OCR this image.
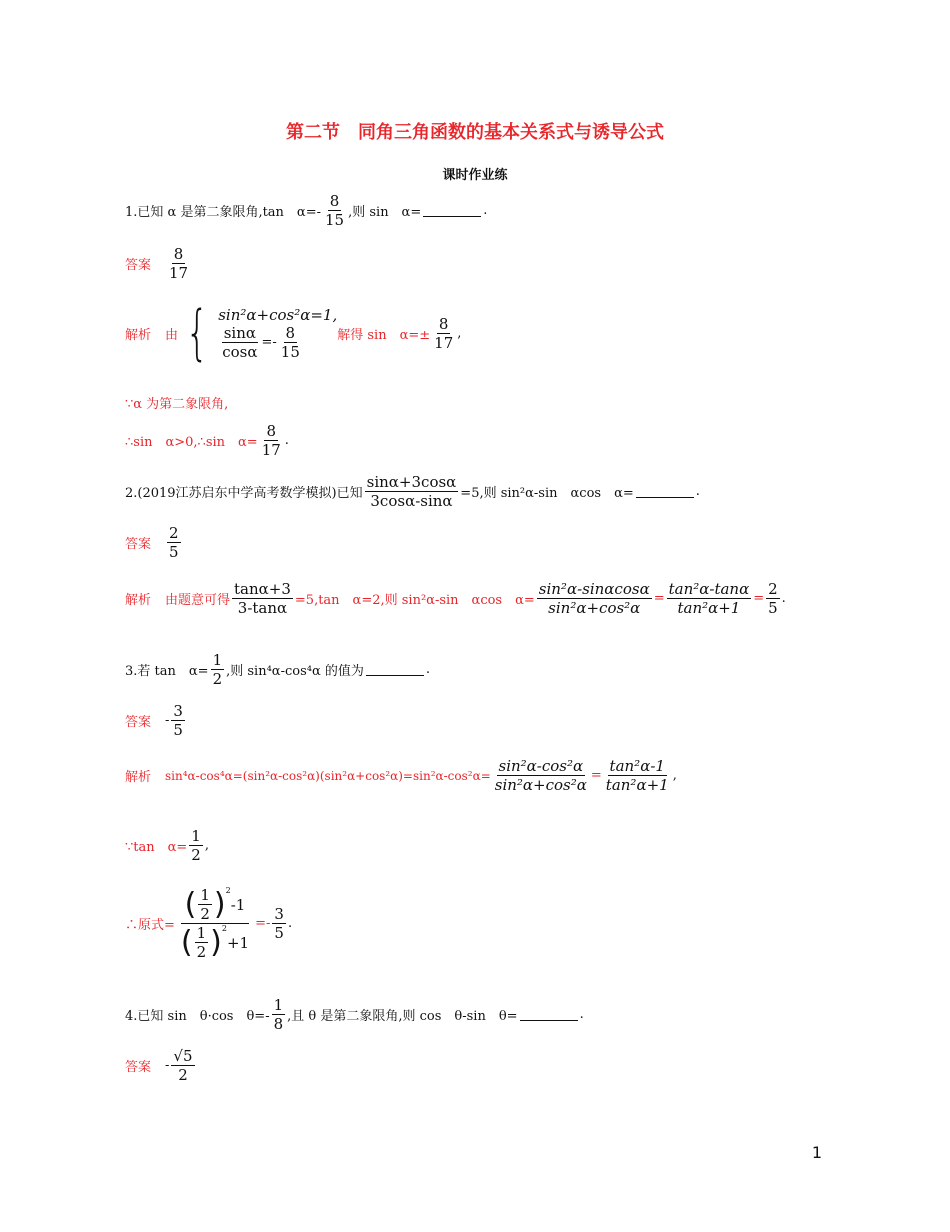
第二节　同角三角函数的基本关系式与诱导公式
课时作业练
1.已知 α 是第二象限角,tan　$\alpha=- \frac{8}{15}$ ,则 sin　α=	.
答案 $\frac{8}{17}$
解析 由 { sin²α+cos²α=1,
$\frac{\sin\alpha}{\cos\alpha} =- \frac{8}{15}$	解得 sin　$\alpha=\pm \frac{8}{17}$ ,
∵α 为第二象限角,
∴sin　α>0,∴sin　$\alpha= \frac{8}{17}$ .
2.(2019江苏启东中学高考数学模拟)已知 $\frac{\sin\alpha+3\cos\alpha}{3\cos\alpha-\sin\alpha} =5$,则 sin²α-sin　αcos　α=	.
答案 $\frac{2}{5}$
解析 由题意可得 $\frac{\tan\alpha+3}{3-\tan\alpha} =5,\tan$　α=2,则 sin²α-sin　αcos　$\alpha= \frac{\text{sin²α-sinαcosα}}{\text{sin²α+cos²α}} = \frac{\text{tan²α-tanα}}{\text{tan²α+1}} = \frac{2}{5}$ .
3.若 tan　$\alpha= \frac{1}{2}$ ,则 sin⁴α-cos⁴α 的值为	.
答案 - $\frac{3}{5}$
解析 $\sin^4\alpha-\cos^4\alpha=(\sin^2\alpha-\cos^2\alpha)(\sin^2\alpha+\cos^2\alpha)=\sin^2\alpha-\cos^2\alpha= \frac{\text{sin²α-cos²α}}{\text{sin²α+cos²α}} = \frac{\text{tan²α-1}}{\text{tan²α+1}}$ ,
∵tan　$\alpha= \frac{1}{2}$ ,
∴原式= ( $\frac{1}{2} )^2$
-1
( $\frac{1}{2} )^2$
$+1 =- \frac{3}{5}$ .
4.已知 sin　θ·cos　$\theta=- \frac{1}{8}$ ,且 θ 是第二象限角,则 cos　θ-sin　θ=	.
答案 - $\frac{√5}{2}$
1
